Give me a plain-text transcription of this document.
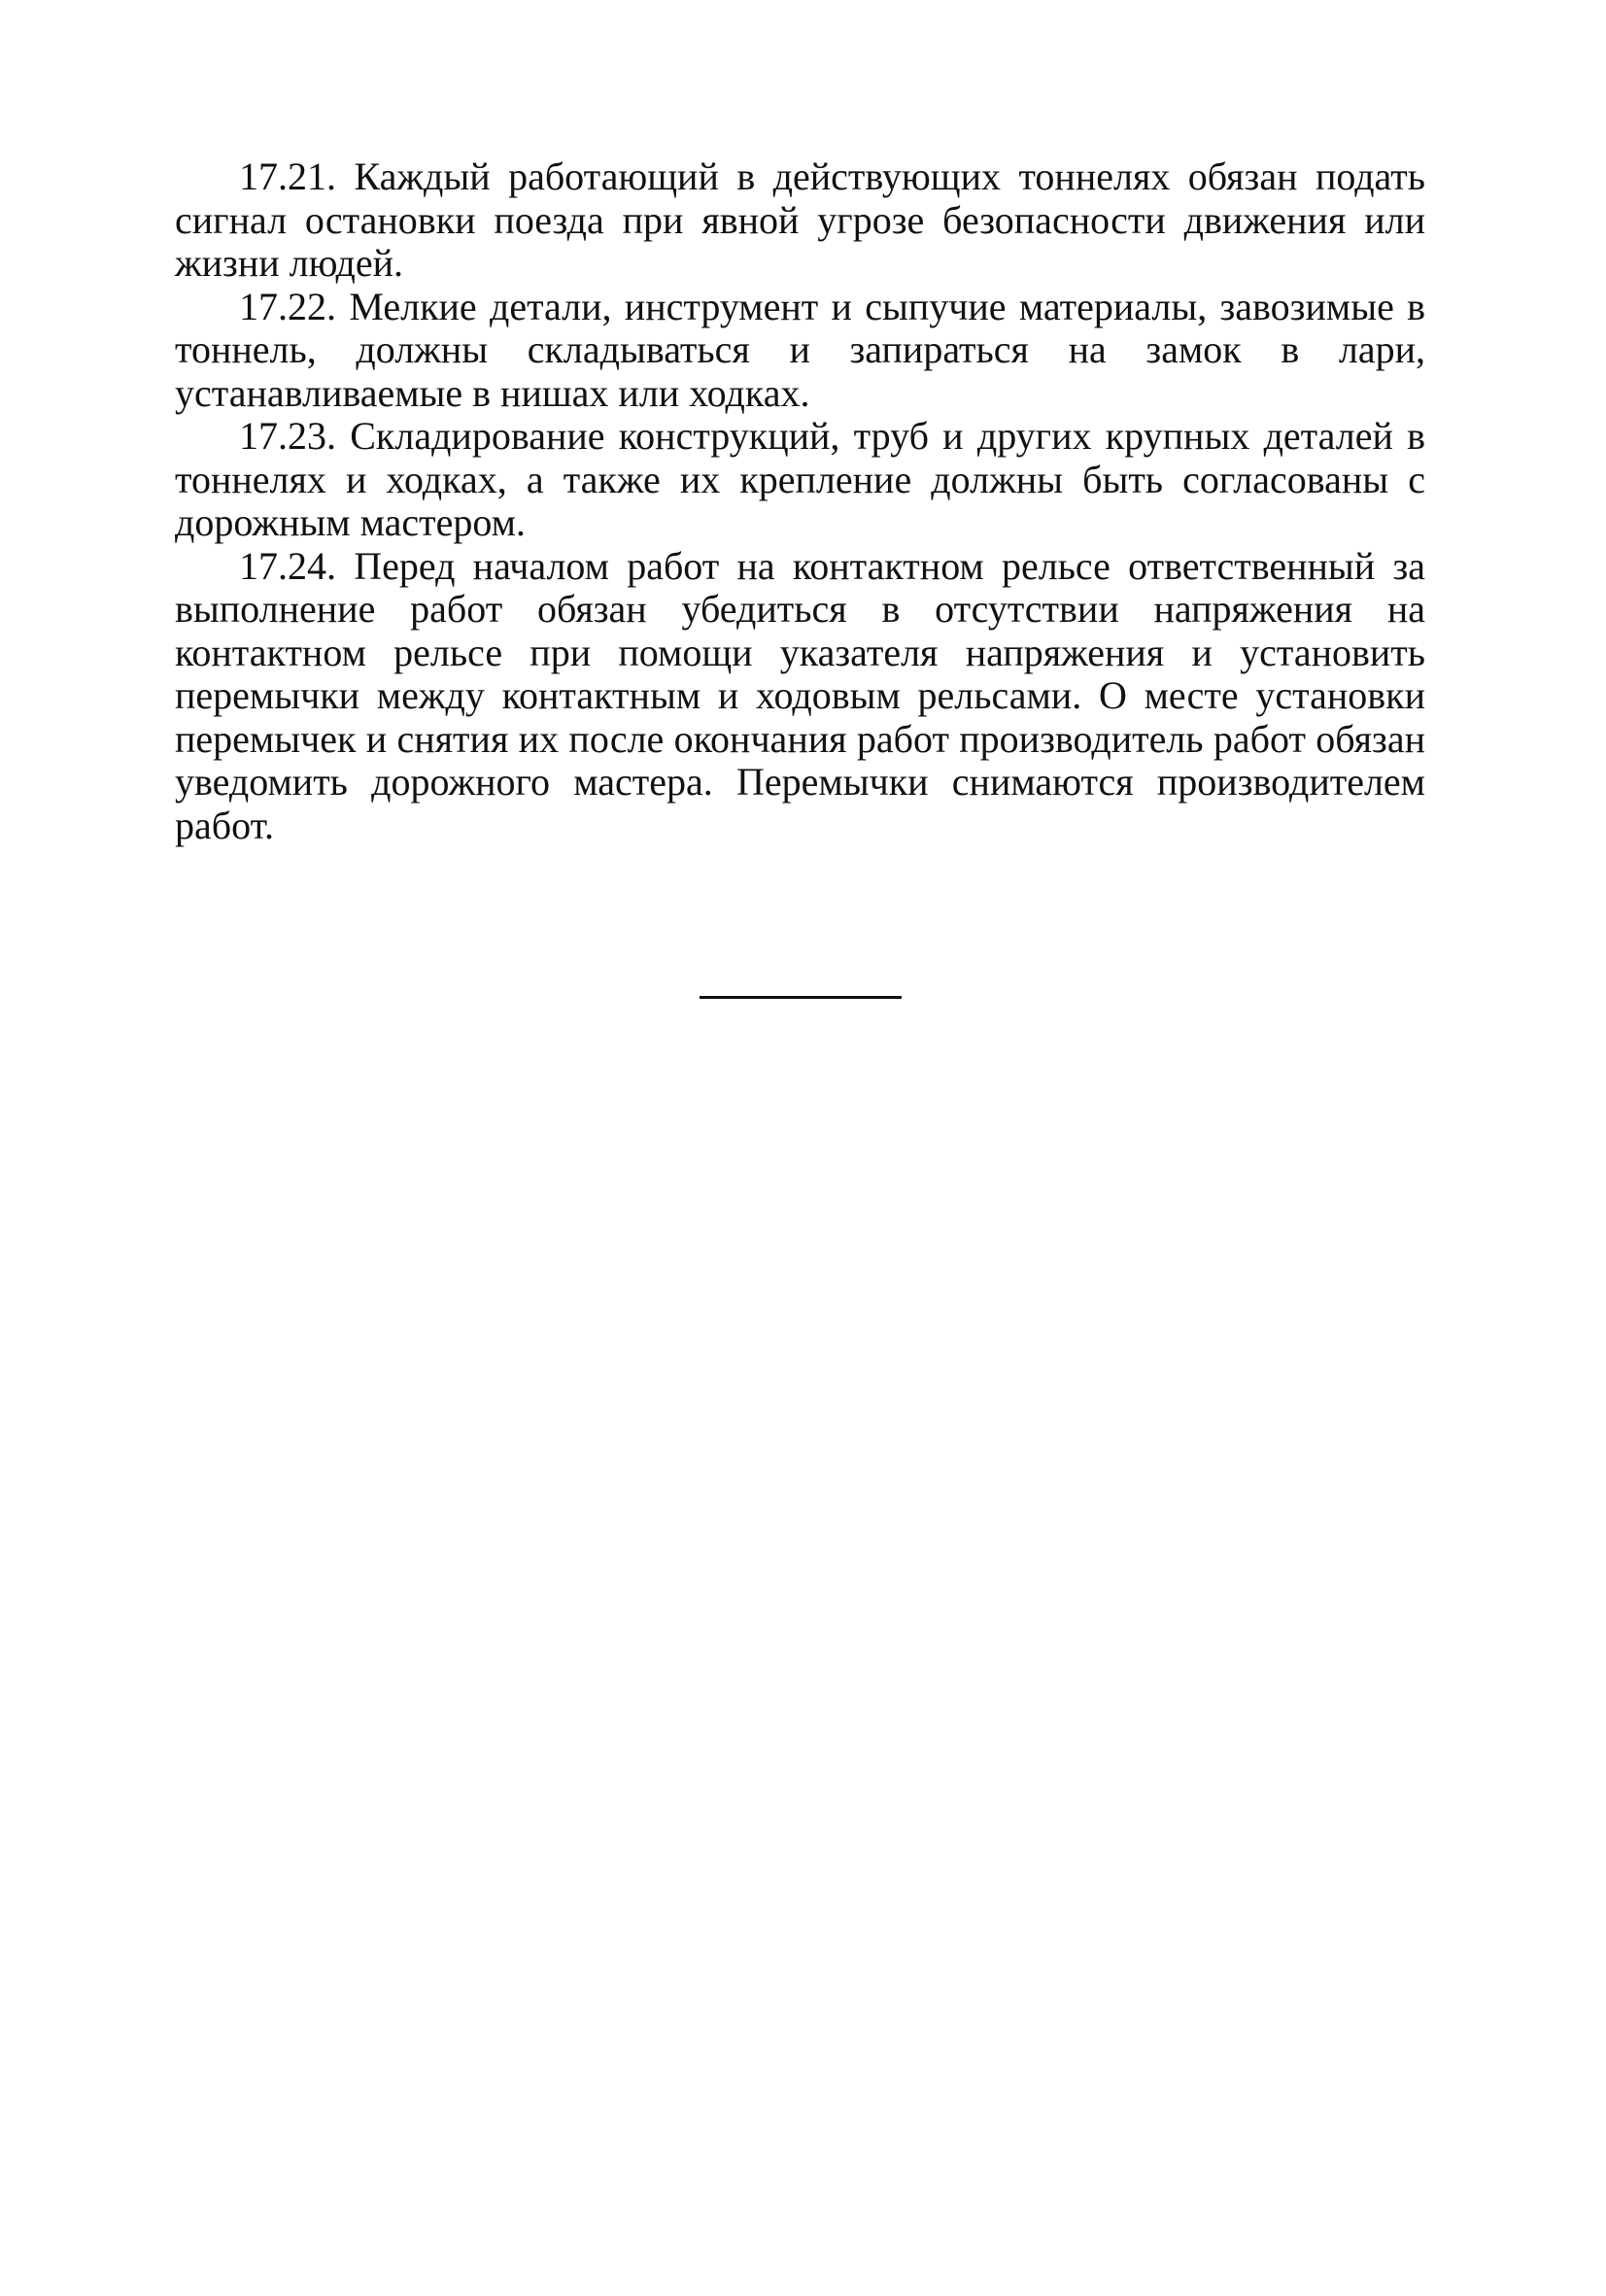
17.21. Каждый работающий в действующих тоннелях обязан подать сигнал остановки поезда при явной угрозе безопасности движения или жизни людей.

17.22. Мелкие детали, инструмент и сыпучие материалы, завозимые в тоннель, должны складываться и запираться на замок в лари, устанавливаемые в нишах или ходках.

17.23. Складирование конструкций, труб и других крупных деталей в тоннелях и ходках, а также их крепление должны быть согласованы с дорожным мастером.

17.24. Перед началом работ на контактном рельсе ответственный за выполнение работ обязан убедиться в отсутствии напряжения на контактном рельсе при помощи указателя напряжения и установить перемычки между контактным и ходовым рельсами. О месте установки перемычек и снятия их после окончания работ производитель работ обязан уведомить дорожного мастера. Перемычки снимаются производителем работ.
